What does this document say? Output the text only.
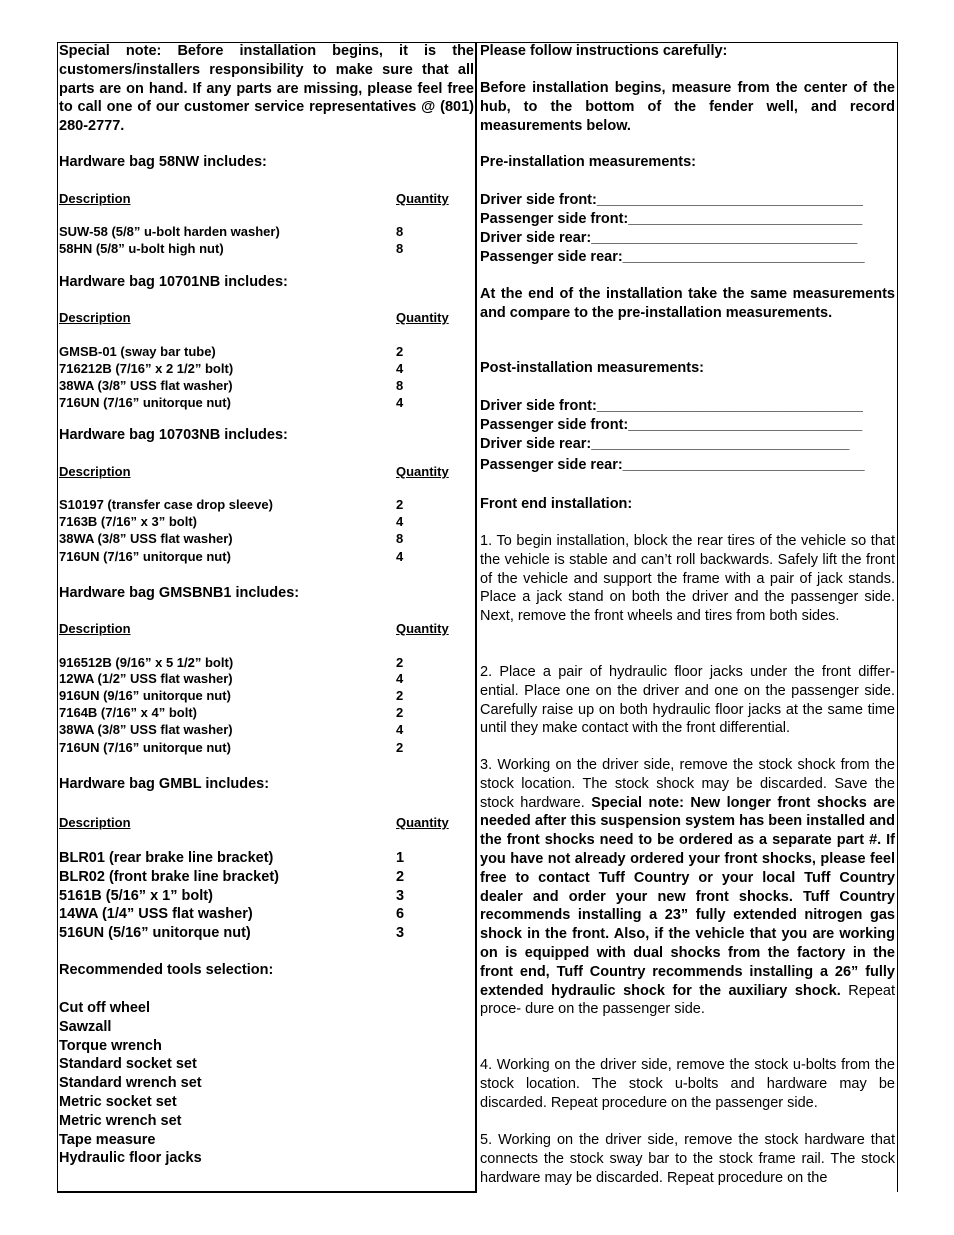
Special note: Before installation begins, it is the customers/installers responsibility to make sure that all parts are on hand. If any parts are missing, please feel free to call one of our customer service representatives @ (801) 280-2777.
Hardware bag 58NW includes:
Description	Quantity
SUW-58 (5/8” u-bolt harden washer)	8
58HN (5/8” u-bolt high nut)	8
Hardware bag 10701NB includes:
Description	Quantity
GMSB-01 (sway bar tube)	2
716212B (7/16” x 2 1/2” bolt)	4
38WA (3/8” USS flat washer)	8
716UN (7/16” unitorque nut)	4
Hardware bag 10703NB includes:
Description	Quantity
S10197 (transfer case drop sleeve)	2
7163B (7/16” x 3” bolt)	4
38WA (3/8” USS flat washer)	8
716UN (7/16” unitorque nut)	4
Hardware bag GMSBNB1 includes:
Description	Quantity
916512B (9/16” x 5 1/2” bolt)	2
12WA (1/2” USS flat washer)	4
916UN (9/16” unitorque nut)	2
7164B (7/16” x 4” bolt)	2
38WA (3/8” USS flat washer)	4
716UN (7/16” unitorque nut)	2
Hardware bag GMBL includes:
Description	Quantity
BLR01 (rear brake line bracket)	1
BLR02 (front brake line bracket)	2
5161B (5/16” x 1” bolt)	3
14WA (1/4” USS flat washer)	6
516UN (5/16” unitorque nut)	3
Recommended tools selection:
Cut off wheel
Sawzall
Torque wrench
Standard socket set
Standard wrench set
Metric socket set
Metric wrench set
Tape measure
Hydraulic floor jacks
Please follow instructions carefully:
Before installation begins, measure from the center of the hub, to the bottom of the fender well, and record measurements below.
Pre-installation measurements:
Driver side front:_________________________________
Passenger side front:_____________________________
Driver side rear:_________________________________
Passenger side rear:______________________________
At the end of the installation take the same measurements and compare to the pre-installation measurements.
Post-installation measurements:
Driver side front:_________________________________
Passenger side front:_____________________________
Driver side rear:________________________________
Passenger side rear:______________________________
Front end installation:
1. To begin installation, block the rear tires of the vehicle so that the vehicle is stable and can’t roll backwards. Safely lift the front of the vehicle and support the frame with a pair of jack stands. Place a jack stand on both the driver and the passenger side. Next, remove the front wheels and tires from both sides.
2. Place a pair of hydraulic floor jacks under the front differ- ential. Place one on the driver and one on the passenger side. Carefully raise up on both hydraulic floor jacks at the same time until they make contact with the front differential.
3. Working on the driver side, remove the stock shock from the stock location. The stock shock may be discarded. Save the stock hardware. Special note: New longer front shocks are needed after this suspension system has been installed and the front shocks need to be ordered as a separate part #. If you have not already ordered your front shocks, please feel free to contact Tuff Country or your local Tuff Country dealer and order your new front shocks. Tuff Country recommends installing a 23” fully extended nitrogen gas shock in the front. Also, if the vehicle that you are working on is equipped with dual shocks from the factory in the front end, Tuff Country recommends installing a 26” fully extended hydraulic shock for the auxiliary shock. Repeat proce- dure on the passenger side.
4. Working on the driver side, remove the stock u-bolts from the stock location. The stock u-bolts and hardware may be discarded. Repeat procedure on the passenger side.
5. Working on the driver side, remove the stock hardware that connects the stock sway bar to the stock frame rail. The stock hardware may be discarded. Repeat procedure on the
